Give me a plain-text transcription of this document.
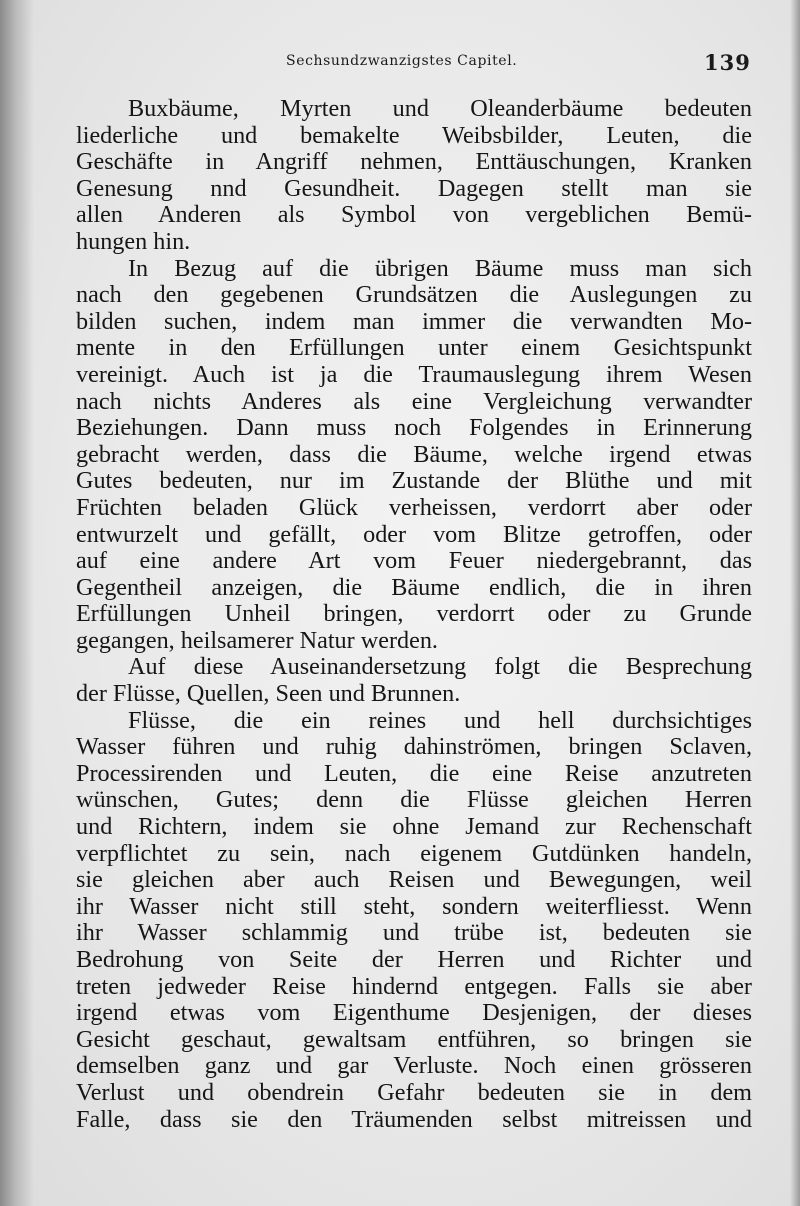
Sechsundzwanzigstes Capitel.	139
Buxbäume, Myrten und Oleanderbäume bedeuten
liederliche und bemakelte Weibsbilder, Leuten, die
Geschäfte in Angriff nehmen, Enttäuschungen, Kranken
Genesung nnd Gesundheit. Dagegen stellt man sie
allen Anderen als Symbol von vergeblichen Bemü-
hungen hin.
In Bezug auf die übrigen Bäume muss man sich
nach den gegebenen Grundsätzen die Auslegungen zu
bilden suchen, indem man immer die verwandten Mo-
mente in den Erfüllungen unter einem Gesichtspunkt
vereinigt. Auch ist ja die Traumauslegung ihrem Wesen
nach nichts Anderes als eine Vergleichung verwandter
Beziehungen. Dann muss noch Folgendes in Erinnerung
gebracht werden, dass die Bäume, welche irgend etwas
Gutes bedeuten, nur im Zustande der Blüthe und mit
Früchten beladen Glück verheissen, verdorrt aber oder
entwurzelt und gefällt, oder vom Blitze getroffen, oder
auf eine andere Art vom Feuer niedergebrannt, das
Gegentheil anzeigen, die Bäume endlich, die in ihren
Erfüllungen Unheil bringen, verdorrt oder zu Grunde
gegangen, heilsamerer Natur werden.
Auf diese Auseinandersetzung folgt die Besprechung
der Flüsse, Quellen, Seen und Brunnen.
Flüsse, die ein reines und hell durchsichtiges
Wasser führen und ruhig dahinströmen, bringen Sclaven,
Processirenden und Leuten, die eine Reise anzutreten
wünschen, Gutes; denn die Flüsse gleichen Herren
und Richtern, indem sie ohne Jemand zur Rechenschaft
verpflichtet zu sein, nach eigenem Gutdünken handeln,
sie gleichen aber auch Reisen und Bewegungen, weil
ihr Wasser nicht still steht, sondern weiterfliesst. Wenn
ihr Wasser schlammig und trübe ist, bedeuten sie
Bedrohung von Seite der Herren und Richter und
treten jedweder Reise hindernd entgegen. Falls sie aber
irgend etwas vom Eigenthume Desjenigen, der dieses
Gesicht geschaut, gewaltsam entführen, so bringen sie
demselben ganz und gar Verluste. Noch einen grösseren
Verlust und obendrein Gefahr bedeuten sie in dem
Falle, dass sie den Träumenden selbst mitreissen und
